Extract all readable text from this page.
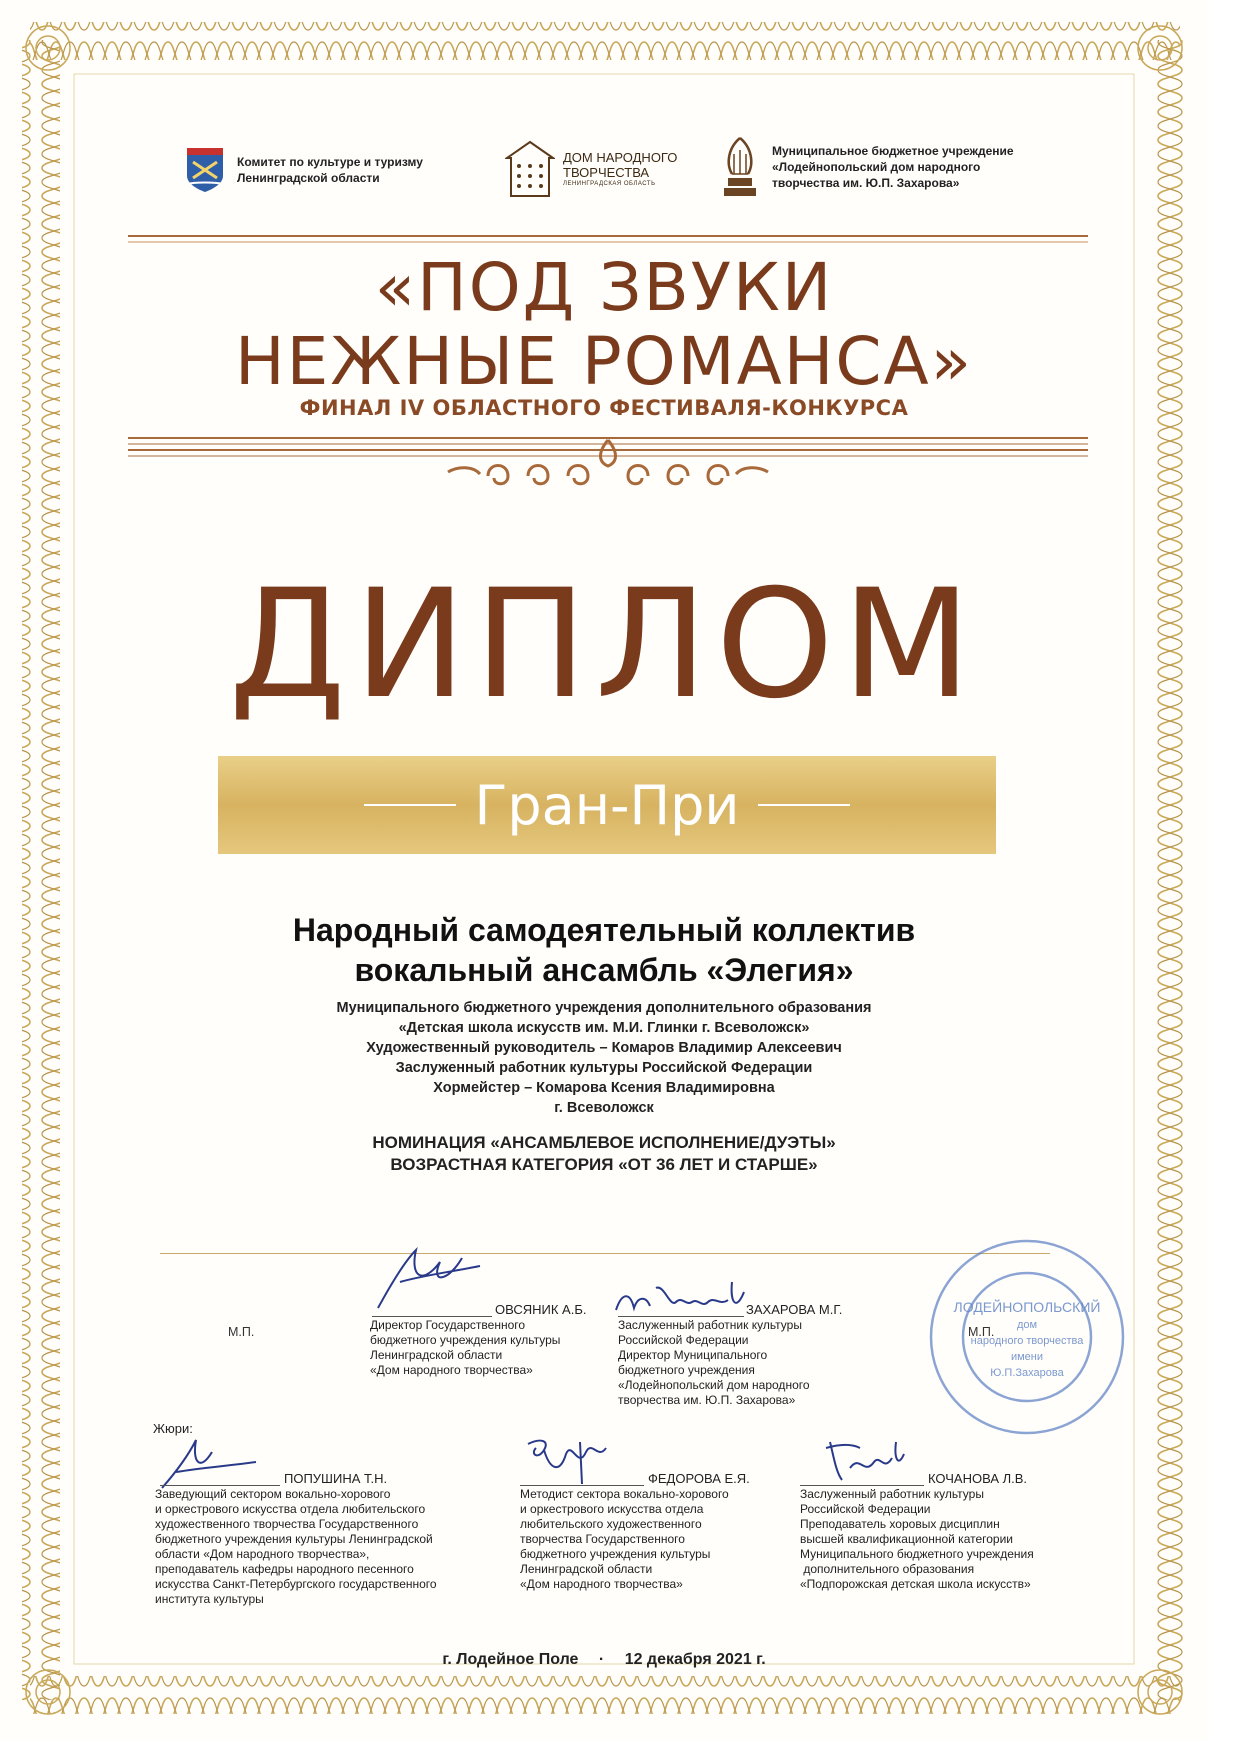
Комитет по культуре и туризму
Ленинградской области
ДОМ НАРОДНОГО
ТВОРЧЕСТВА
ЛЕНИНГРАДСКАЯ ОБЛАСТЬ
Муниципальное бюджетное учреждение
«Лодейнопольский дом народного
творчества им. Ю.П. Захарова»
«ПОД ЗВУКИ
НЕЖНЫЕ РОМАНСА»
ФИНАЛ IV ОБЛАСТНОГО ФЕСТИВАЛЯ-КОНКУРСА
ДИПЛОМ
Гран-При
Народный самодеятельный коллектив
вокальный ансамбль «Элегия»
Муниципального бюджетного учреждения дополнительного образования
«Детская школа искусств им. М.И. Глинки г. Всеволожск»
Художественный руководитель – Комаров Владимир Алексеевич
Заслуженный работник культуры Российской Федерации
Хормейстер – Комарова Ксения Владимировна
г. Всеволожск
НОМИНАЦИЯ «АНСАМБЛЕВОЕ ИСПОЛНЕНИЕ/ДУЭТЫ»
ВОЗРАСТНАЯ КАТЕГОРИЯ «ОТ 36 ЛЕТ И СТАРШЕ»
ЛОДЕЙНОПОЛЬСКИЙ
дом
народного творчества
имени
Ю.П.Захарова
М.П.
ОВСЯНИК А.Б.
Директор Государственного
бюджетного учреждения культуры
Ленинградской области
«Дом народного творчества»
ЗАХАРОВА М.Г.
Заслуженный работник культуры
Российской Федерации
Директор Муниципального
бюджетного учреждения
«Лодейнопольский дом народного
творчества им. Ю.П. Захарова»
М.П.
Жюри:
ПОПУШИНА Т.Н.
Заведующий сектором вокально-хорового
и оркестрового искусства отдела любительского
художественного творчества Государственного
бюджетного учреждения культуры Ленинградской
области «Дом народного творчества»,
преподаватель кафедры народного песенного
искусства Санкт-Петербургского государственного
института культуры
ФЕДОРОВА Е.Я.
Методист сектора вокально-хорового
и оркестрового искусства отдела
любительского художественного
творчества Государственного
бюджетного учреждения культуры
Ленинградской области
«Дом народного творчества»
КОЧАНОВА Л.В.
Заслуженный работник культуры
Российской Федерации
Преподаватель хоровых дисциплин
высшей квалификационной категории
Муниципального бюджетного учреждения
дополнительного образования
«Подпорожская детская школа искусств»
г. Лодейное Поле · 12 декабря 2021 г.
